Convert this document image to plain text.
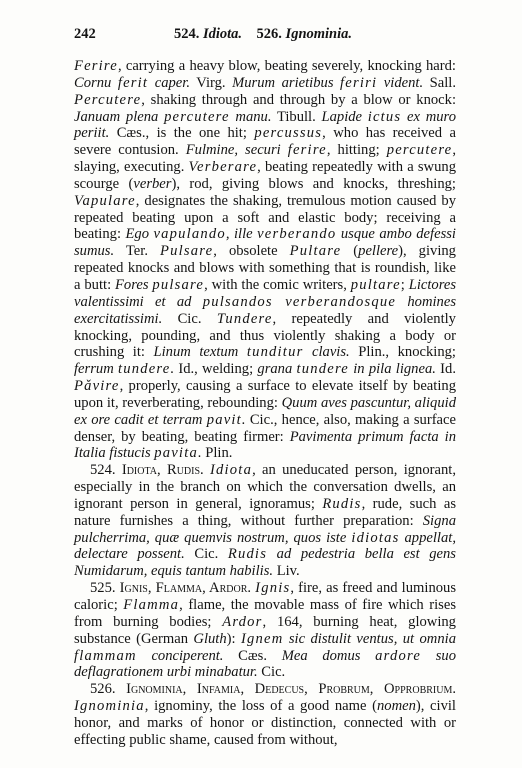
242	524. Idiota. 526. Ignominia.

Ferire, carrying a heavy blow, beating severely, knocking hard: Cornu ferit caper. Virg. Murum arietibus feriri vident. Sall. Percutere, shaking through and through by a blow or knock: Januam plena percutere manu. Tibull. Lapide ictus ex muro periit. Cæs., is the one hit; percussus, who has received a severe contusion. Fulmine, securi ferire, hitting; percutere, slaying, executing. Verberare, beating repeatedly with a swung scourge (verber), rod, giving blows and knocks, threshing; Vapulare, designates the shaking, tremulous motion caused by repeated beating upon a soft and elastic body; receiving a beating: Ego vapulando, ille verberando usque ambo defessi sumus. Ter. Pulsare, obsolete Pultare (pellere), giving repeated knocks and blows with something that is roundish, like a butt: Fores pulsare, with the comic writers, pultare; Lictores valentissimi et ad pulsandos verberandosque homines exercitatissimi. Cic. Tundere, repeatedly and violently knocking, pounding, and thus violently shaking a body or crushing it: Linum textum tunditur clavis. Plin., knocking; ferrum tundere. Id., welding; grana tundere in pila lignea. Id. Pǎvire, properly, causing a surface to elevate itself by beating upon it, reverberating, rebounding: Quum aves pascuntur, aliquid ex ore cadit et terram pavit. Cic., hence, also, making a surface denser, by beating, beating firmer: Pavimenta primum facta in Italia fistucis pavita. Plin.

524. Idiota, Rudis. Idiota, an uneducated person, ignorant, especially in the branch on which the conversation dwells, an ignorant person in general, ignoramus; Rudis, rude, such as nature furnishes a thing, without further preparation: Signa pulcherrima, quæ quemvis nostrum, quos iste idiotas appellat, delectare possent. Cic. Rudis ad pedestria bella est gens Numidarum, equis tantum habilis. Liv.

525. Ignis, Flamma, Ardor. Ignis, fire, as freed and luminous caloric; Flamma, flame, the movable mass of fire which rises from burning bodies; Ardor, 164, burning heat, glowing substance (German Gluth): Ignem sic distulit ventus, ut omnia flammam conciperent. Cæs. Mea domus ardore suo deflagrationem urbi minabatur. Cic.

526. Ignominia, Infamia, Dedecus, Probrum, Opprobrium. Ignominia, ignominy, the loss of a good name (nomen), civil honor, and marks of honor or distinction, connected with or effecting public shame, caused from without,
